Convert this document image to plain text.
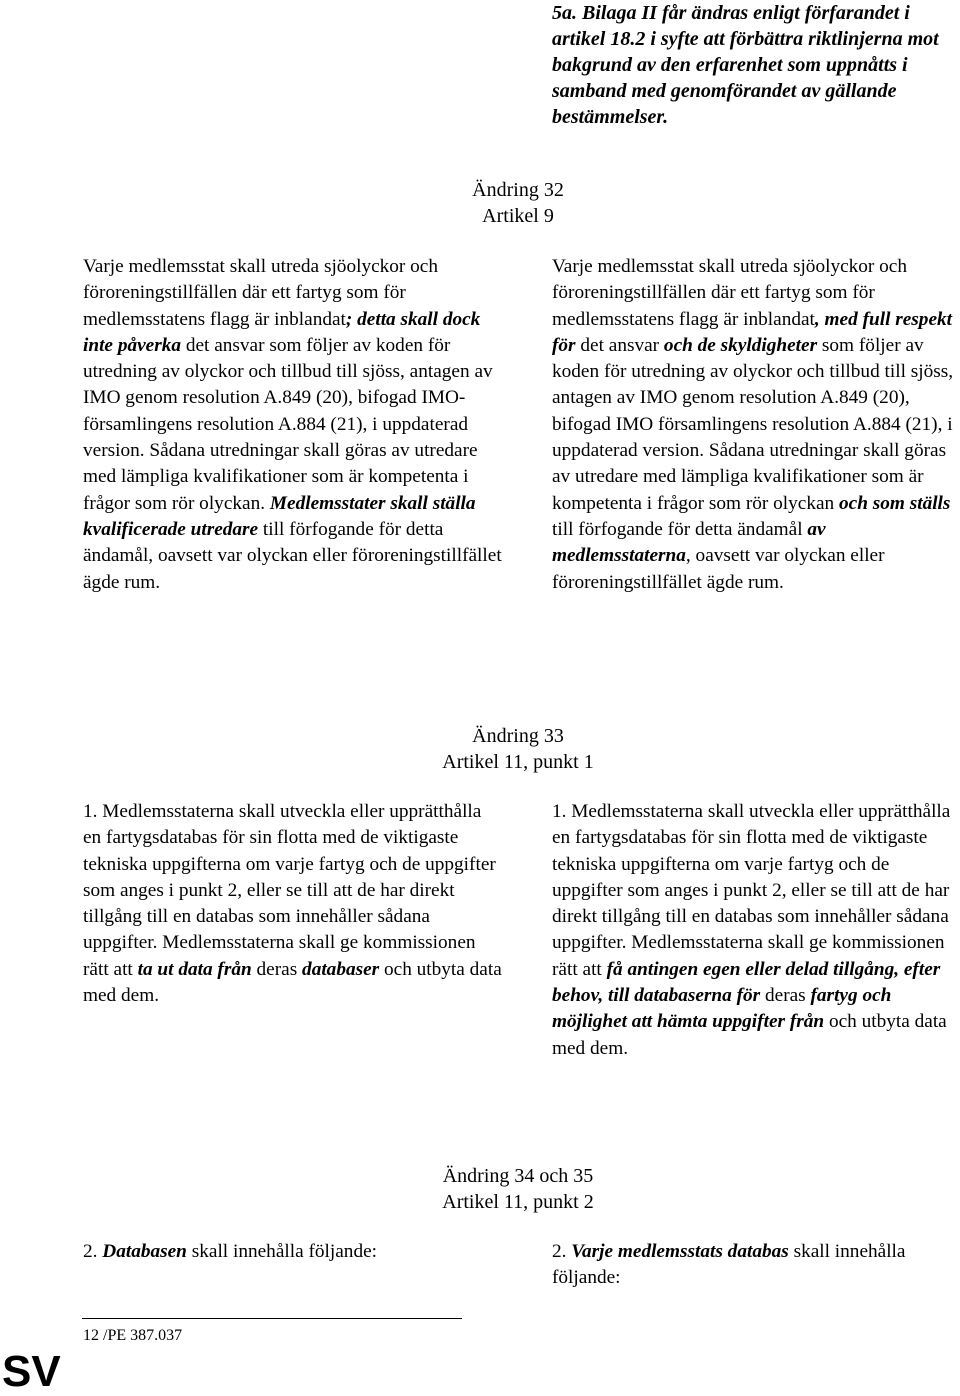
5a. Bilaga II får ändras enligt förfarandet i artikel 18.2 i syfte att förbättra riktlinjerna mot bakgrund av den erfarenhet som uppnåtts i samband med genomförandet av gällande bestämmelser.
Ändring 32
Artikel 9
Varje medlemsstat skall utreda sjöolyckor och föroreningstillfällen där ett fartyg som för medlemsstatens flagg är inblandat; detta skall dock inte påverka det ansvar som följer av koden för utredning av olyckor och tillbud till sjöss, antagen av IMO genom resolution A.849 (20), bifogad IMO-församlingens resolution A.884 (21), i uppdaterad version. Sådana utredningar skall göras av utredare med lämpliga kvalifikationer som är kompetenta i frågor som rör olyckan. Medlemsstater skall ställa kvalificerade utredare till förfogande för detta ändamål, oavsett var olyckan eller föroreningstillfället ägde rum.
Varje medlemsstat skall utreda sjöolyckor och föroreningstillfällen där ett fartyg som för medlemsstatens flagg är inblandat, med full respekt för det ansvar och de skyldigheter som följer av koden för utredning av olyckor och tillbud till sjöss, antagen av IMO genom resolution A.849 (20), bifogad IMO församlingens resolution A.884 (21), i uppdaterad version. Sådana utredningar skall göras av utredare med lämpliga kvalifikationer som är kompetenta i frågor som rör olyckan och som ställs till förfogande för detta ändamål av medlemsstaterna, oavsett var olyckan eller föroreningstillfället ägde rum.
Ändring 33
Artikel 11, punkt 1
1. Medlemsstaterna skall utveckla eller upprätthålla en fartygsdatabas för sin flotta med de viktigaste tekniska uppgifterna om varje fartyg och de uppgifter som anges i punkt 2, eller se till att de har direkt tillgång till en databas som innehåller sådana uppgifter. Medlemsstaterna skall ge kommissionen rätt att ta ut data från deras databaser och utbyta data med dem.
1. Medlemsstaterna skall utveckla eller upprätthålla en fartygsdatabas för sin flotta med de viktigaste tekniska uppgifterna om varje fartyg och de uppgifter som anges i punkt 2, eller se till att de har direkt tillgång till en databas som innehåller sådana uppgifter. Medlemsstaterna skall ge kommissionen rätt att få antingen egen eller delad tillgång, efter behov, till databaserna för deras fartyg och möjlighet att hämta uppgifter från och utbyta data med dem.
Ändring 34 och 35
Artikel 11, punkt 2
2. Databasen skall innehålla följande:	2. Varje medlemsstats databas skall innehålla följande:
12 /PE 387.037
SV
